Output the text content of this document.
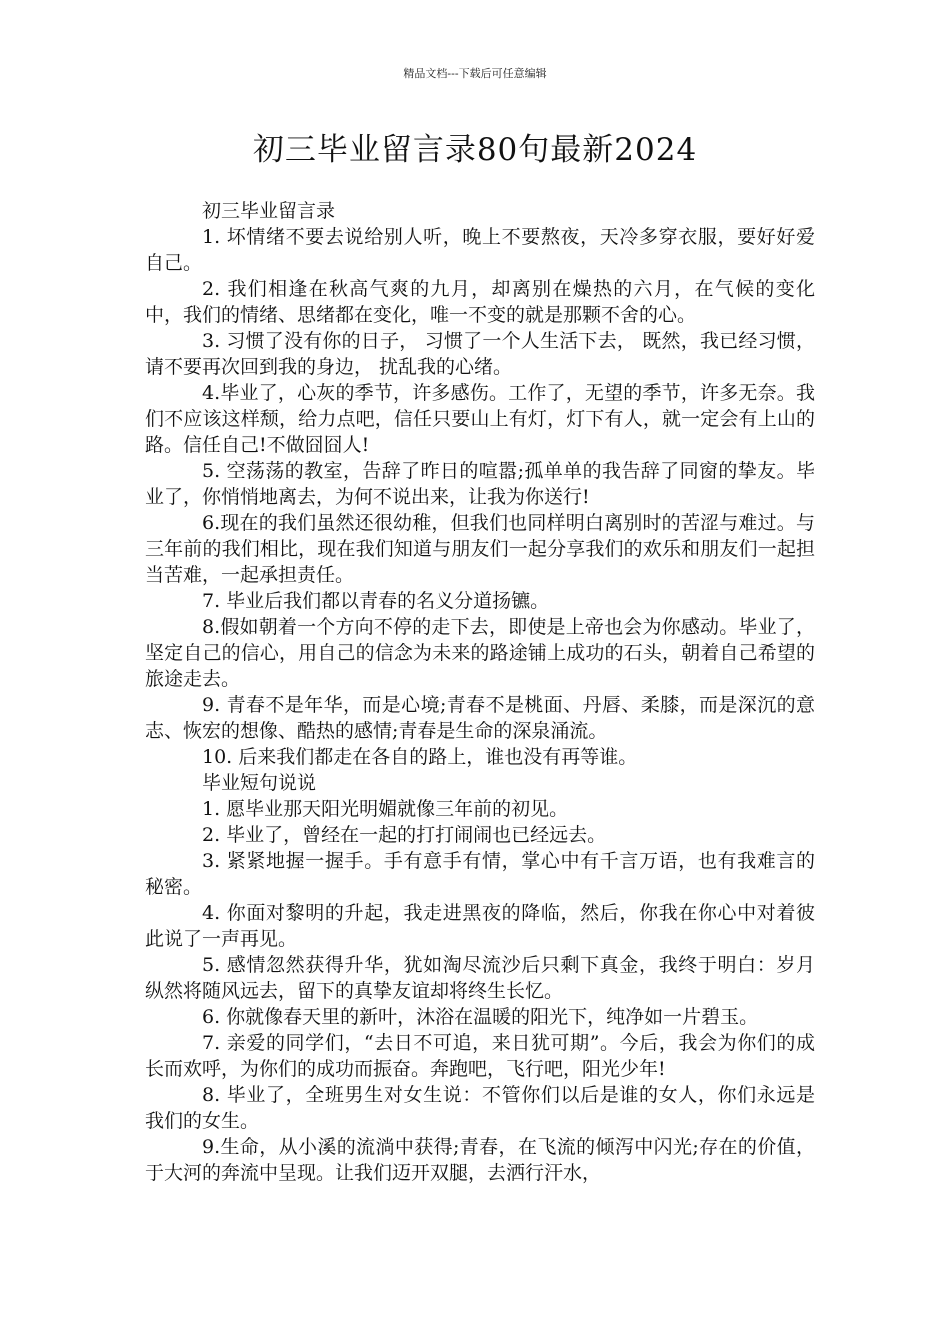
精品文档---下载后可任意编辑
初三毕业留言录80句最新2024

初三毕业留言录

1. 坏情绪不要去说给别人听，晚上不要熬夜，天冷多穿衣服，要好好爱自己。

2. 我们相逢在秋高气爽的九月，却离别在燥热的六月，在气候的变化中，我们的情绪、思绪都在变化，唯一不变的就是那颗不舍的心。

3. 习惯了没有你的日子， 习惯了一个人生活下去， 既然，我已经习惯， 请不要再次回到我的身边， 扰乱我的心绪。

4.毕业了，心灰的季节，许多感伤。工作了，无望的季节，许多无奈。我们不应该这样颓，给力点吧，信任只要山上有灯，灯下有人，就一定会有上山的路。信任自己!不做囧囧人!

5. 空荡荡的教室，告辞了昨日的喧嚣;孤单单的我告辞了同窗的挚友。毕业了，你悄悄地离去，为何不说出来，让我为你送行!

6.现在的我们虽然还很幼稚，但我们也同样明白离别时的苦涩与难过。与三年前的我们相比，现在我们知道与朋友们一起分享我们的欢乐和朋友们一起担当苦难，一起承担责任。

7. 毕业后我们都以青春的名义分道扬镳。

8.假如朝着一个方向不停的走下去，即使是上帝也会为你感动。毕业了，坚定自己的信心，用自己的信念为未来的路途铺上成功的石头，朝着自己希望的旅途走去。

9. 青春不是年华，而是心境;青春不是桃面、丹唇、柔膝，而是深沉的意志、恢宏的想像、酷热的感情;青春是生命的深泉涌流。

10. 后来我们都走在各自的路上，谁也没有再等谁。

毕业短句说说

1. 愿毕业那天阳光明媚就像三年前的初见。

2. 毕业了，曾经在一起的打打闹闹也已经远去。

3. 紧紧地握一握手。手有意手有情，掌心中有千言万语，也有我难言的秘密。

4. 你面对黎明的升起，我走进黑夜的降临，然后，你我在你心中对着彼此说了一声再见。

5. 感情忽然获得升华，犹如淘尽流沙后只剩下真金，我终于明白：岁月纵然将随风远去，留下的真挚友谊却将终生长忆。

6. 你就像春天里的新叶，沐浴在温暖的阳光下，纯净如一片碧玉。

7. 亲爱的同学们，“去日不可追，来日犹可期”。今后，我会为你们的成长而欢呼，为你们的成功而振奋。奔跑吧，飞行吧，阳光少年!

8. 毕业了，全班男生对女生说：不管你们以后是谁的女人，你们永远是我们的女生。

9.生命，从小溪的流淌中获得;青春，在飞流的倾泻中闪光;存在的价值，于大河的奔流中呈现。让我们迈开双腿，去洒行汗水，
